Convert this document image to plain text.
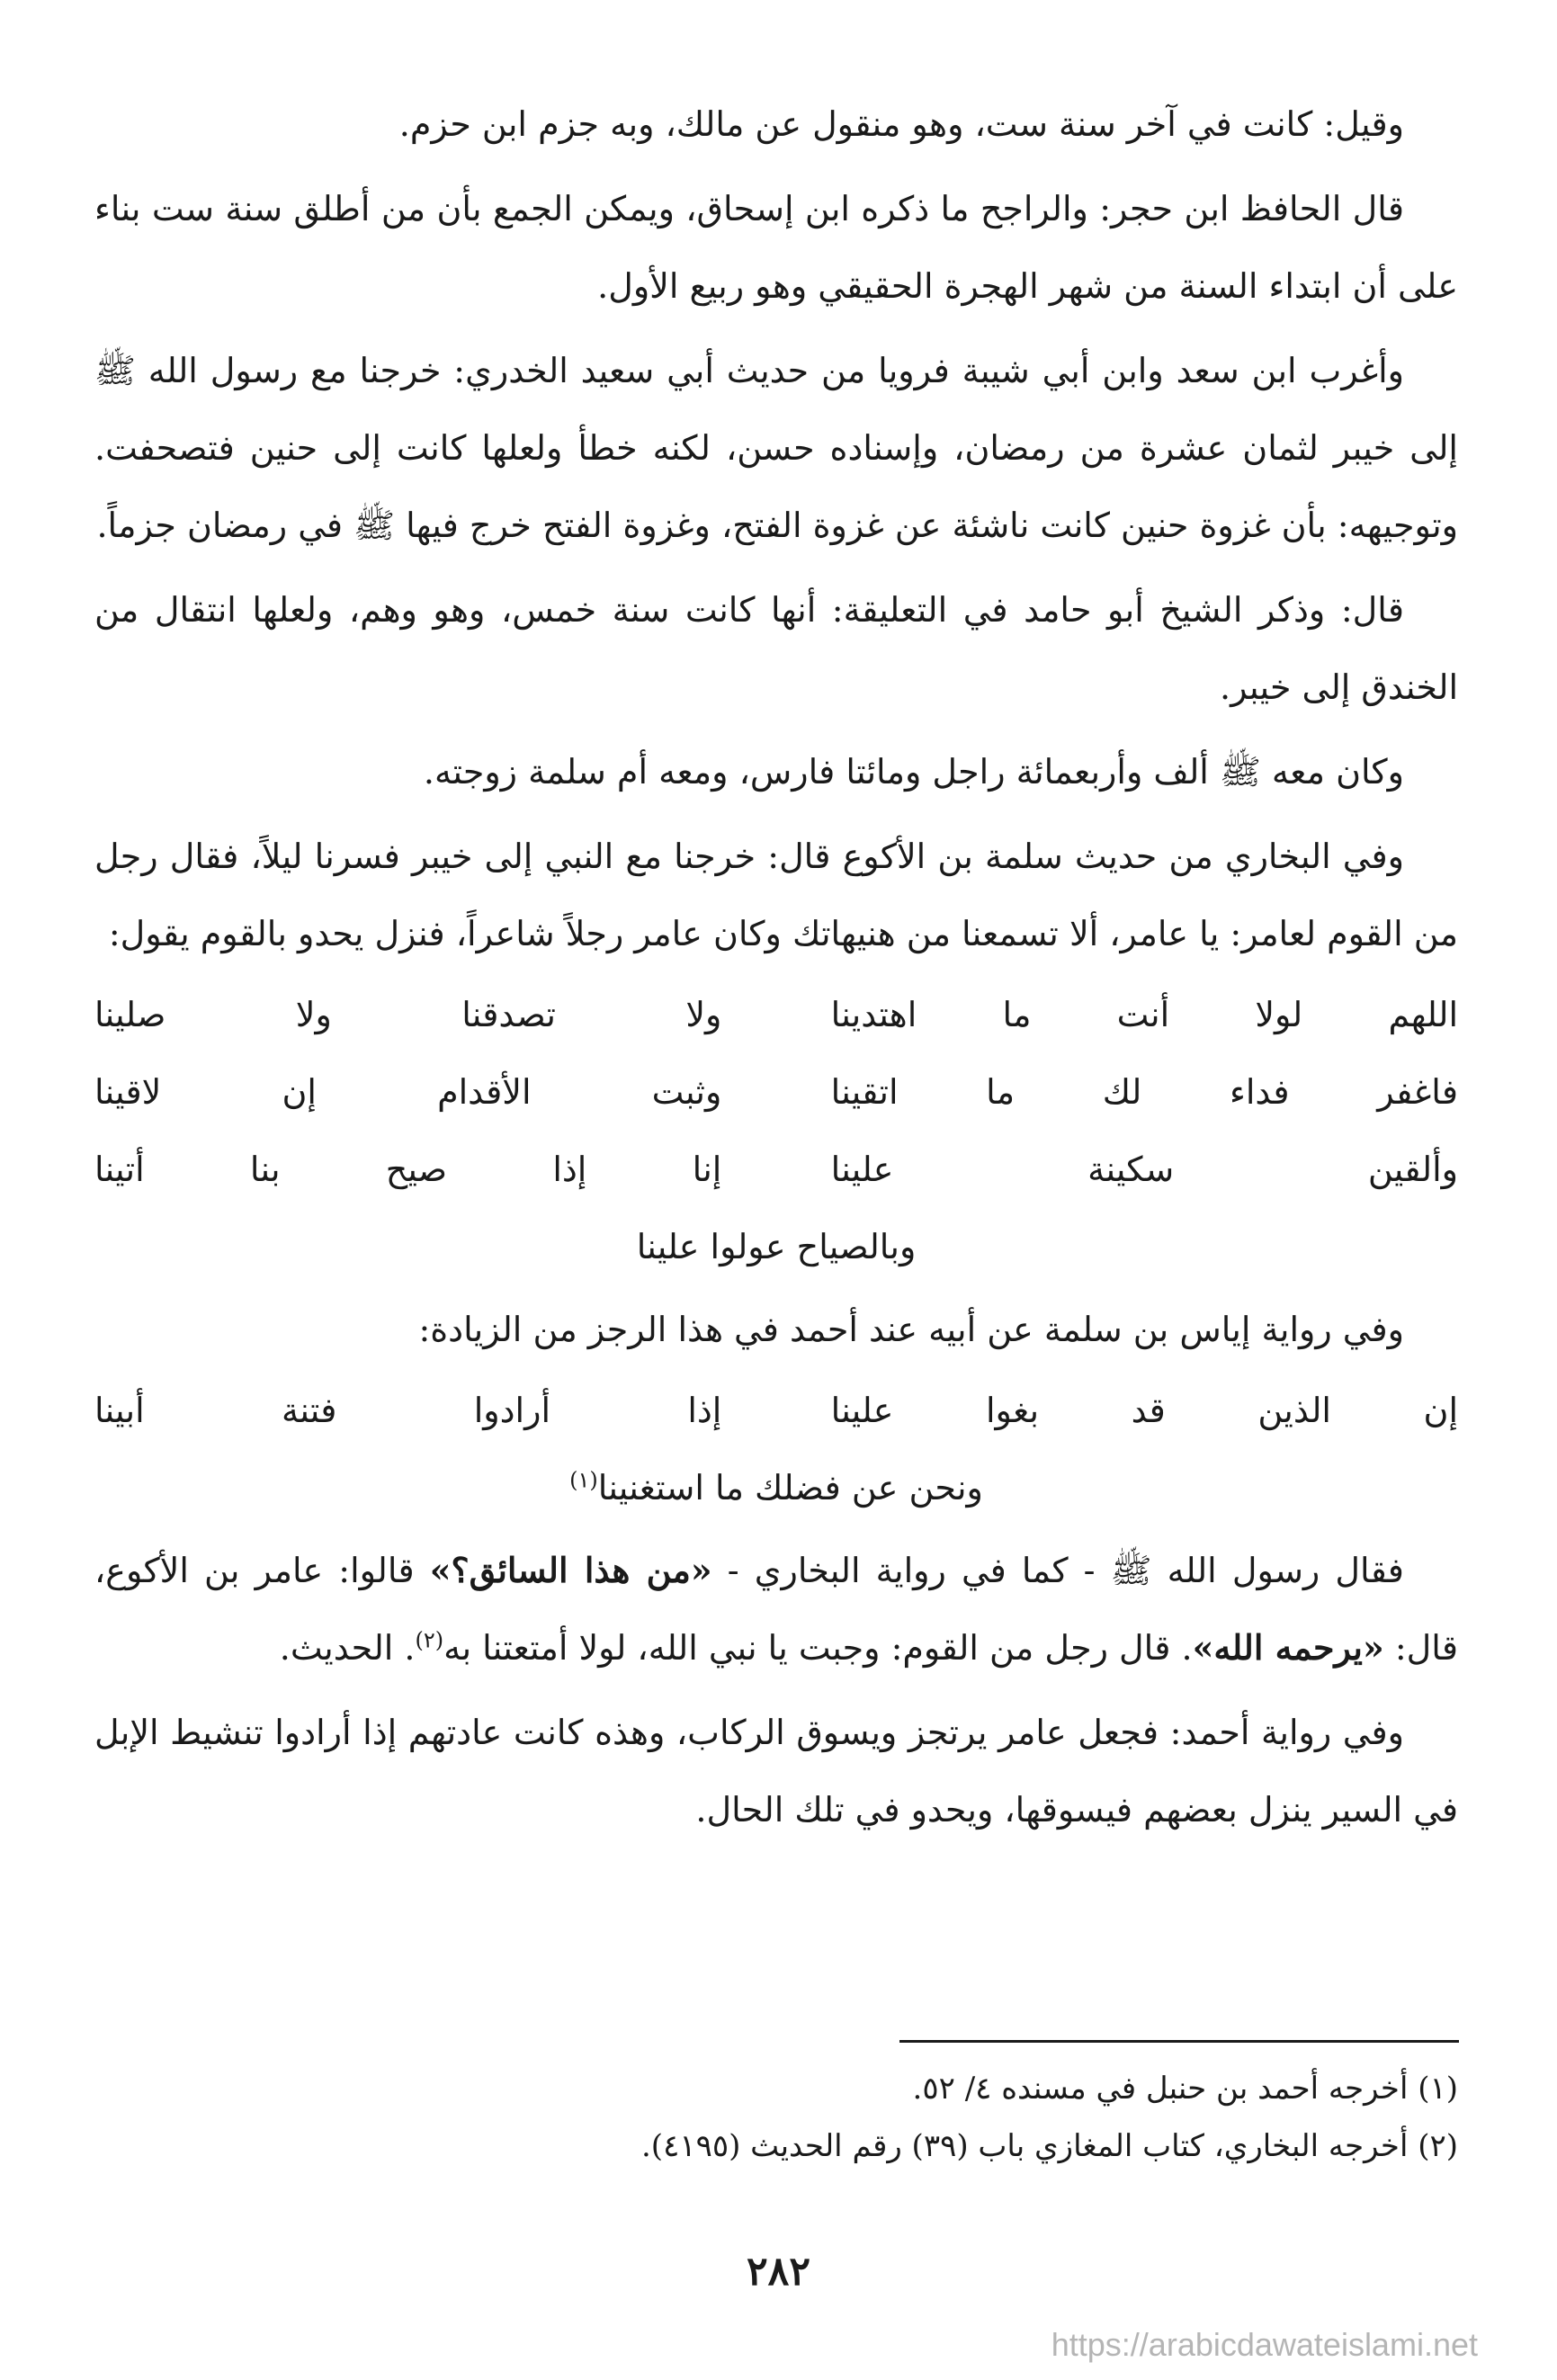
وقيل: كانت في آخر سنة ست، وهو منقول عن مالك، وبه جزم ابن حزم.

قال الحافظ ابن حجر: والراجح ما ذكره ابن إسحاق، ويمكن الجمع بأن من أطلق سنة ست بناء على أن ابتداء السنة من شهر الهجرة الحقيقي وهو ربيع الأول.

وأغرب ابن سعد وابن أبي شيبة فرويا من حديث أبي سعيد الخدري: خرجنا مع رسول الله ﷺ إلى خيبر لثمان عشرة من رمضان، وإسناده حسن، لكنه خطأ ولعلها كانت إلى حنين فتصحفت. وتوجيهه: بأن غزوة حنين كانت ناشئة عن غزوة الفتح، وغزوة الفتح خرج فيها ﷺ في رمضان جزماً.

قال: وذكر الشيخ أبو حامد في التعليقة: أنها كانت سنة خمس، وهو وهم، ولعلها انتقال من الخندق إلى خيبر.

وكان معه ﷺ ألف وأربعمائة راجل ومائتا فارس، ومعه أم سلمة زوجته.

وفي البخاري من حديث سلمة بن الأكوع قال: خرجنا مع النبي إلى خيبر فسرنا ليلاً، فقال رجل من القوم لعامر: يا عامر، ألا تسمعنا من هنيهاتك وكان عامر رجلاً شاعراً، فنزل يحدو بالقوم يقول:

اللهم لولا أنت ما اهتدينا
ولا تصدقنا ولا صلينا
فاغفر فداء لك ما اتقينا
وثبت الأقدام إن لاقينا
وألقين سكينة علينا
إنا إذا صيح بنا أتينا
وبالصياح عولوا علينا

وفي رواية إياس بن سلمة عن أبيه عند أحمد في هذا الرجز من الزيادة:

إن الذين قد بغوا علينا
إذا أرادوا فتنة أبينا
ونحن عن فضلك ما استغنينا$^{(١)}$

فقال رسول الله ﷺ - كما في رواية البخاري - «من هذا السائق؟» قالوا: عامر بن الأكوع، قال: «يرحمه الله». قال رجل من القوم: وجبت يا نبي الله، لولا أمتعتنا به$^{(٢)}$. الحديث.

وفي رواية أحمد: فجعل عامر يرتجز ويسوق الركاب، وهذه كانت عادتهم إذا أرادوا تنشيط الإبل في السير ينزل بعضهم فيسوقها، ويحدو في تلك الحال.

(١) أخرجه أحمد بن حنبل في مسنده ٤/ ٥٢.

(٢) أخرجه البخاري، كتاب المغازي باب (٣٩) رقم الحديث (٤١٩٥).

٢٨٢
https://arabicdawateislami.net
